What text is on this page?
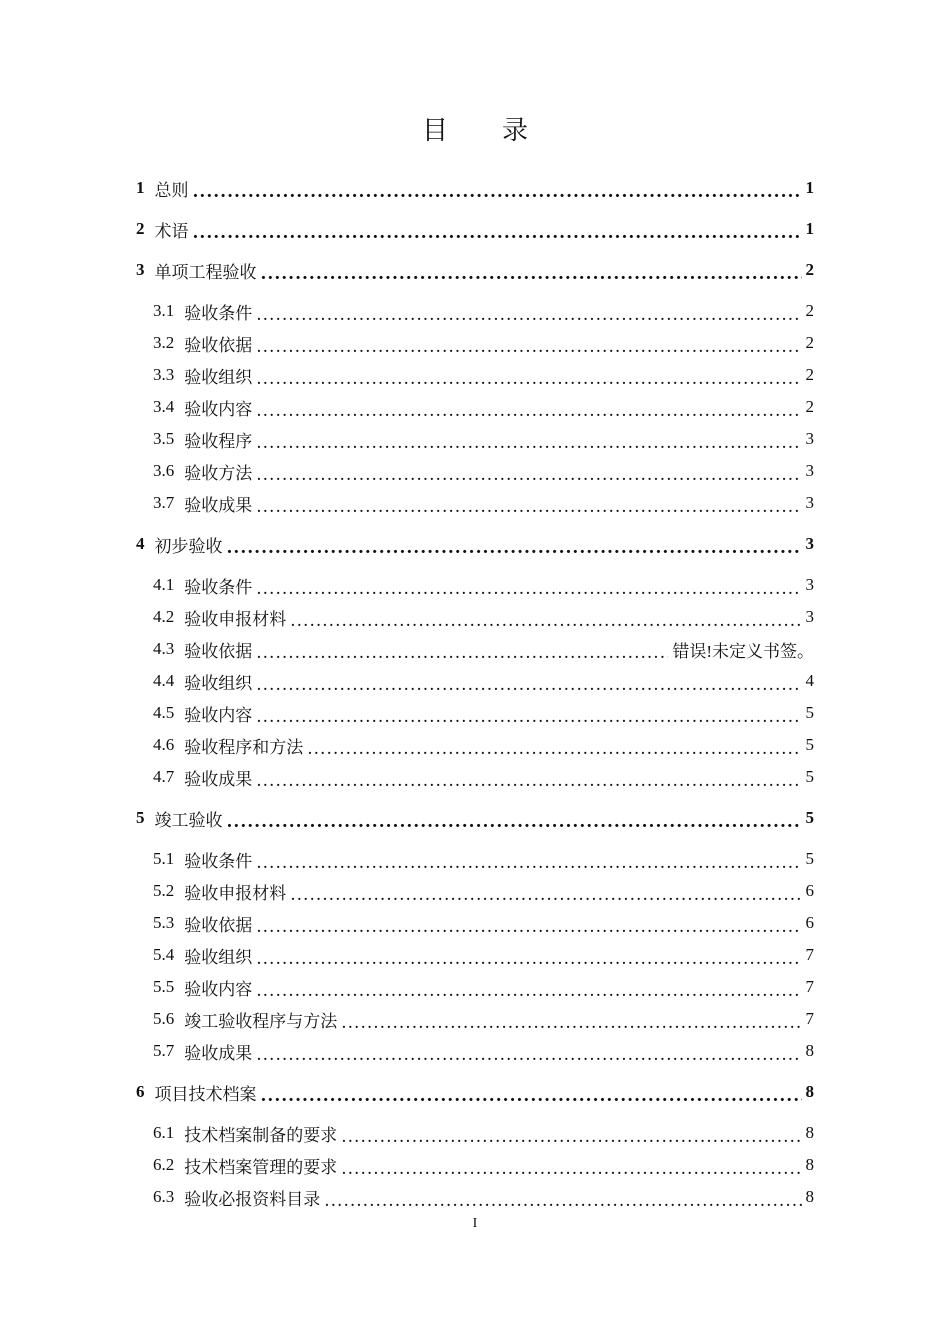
目 录
1 总则 .....	1
2 术语 .....	1
3 单项工程验收 .....	2
3.1 验收条件 .....	2
3.2 验收依据 .....	2
3.3 验收组织 .....	2
3.4 验收内容 .....	2
3.5 验收程序 .....	3
3.6 验收方法 .....	3
3.7 验收成果 .....	3
4 初步验收 .....	3
4.1 验收条件 .....	3
4.2 验收申报材料 .....	3
4.3 验收依据 .....	错误!未定义书签。
4.4 验收组织 .....	4
4.5 验收内容 .....	5
4.6 验收程序和方法 .....	5
4.7 验收成果 .....	5
5 竣工验收 .....	5
5.1 验收条件 .....	5
5.2 验收申报材料 .....	6
5.3 验收依据 .....	6
5.4 验收组织 .....	7
5.5 验收内容 .....	7
5.6 竣工验收程序与方法 .....	7
5.7 验收成果 .....	8
6 项目技术档案 .....	8
6.1 技术档案制备的要求 .....	8
6.2 技术档案管理的要求 .....	8
6.3 验收必报资料目录 .....	8
I
